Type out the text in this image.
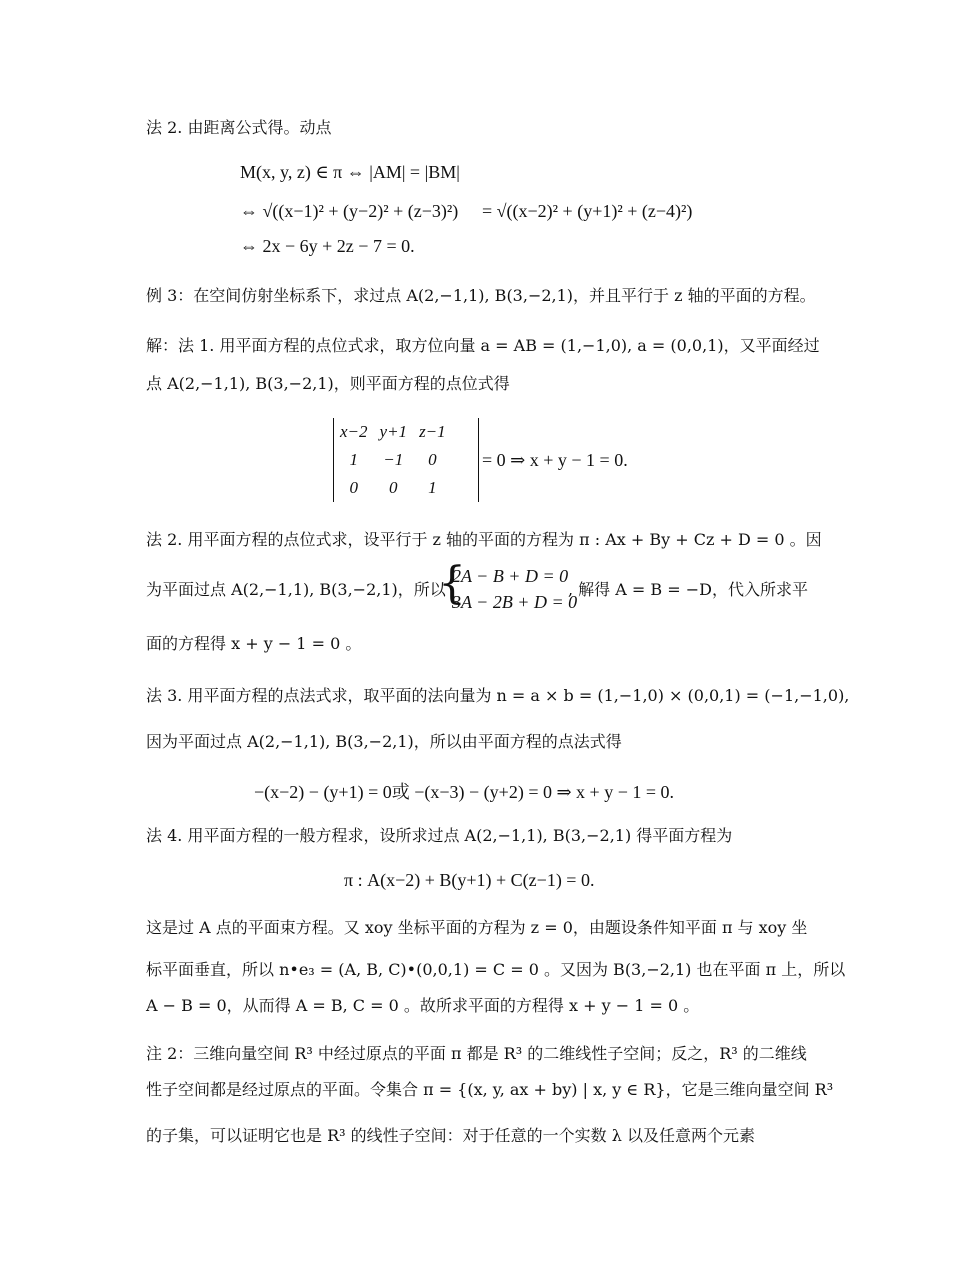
法 2. 由距离公式得。动点
M(x, y, z) ∈ π ⇔ |AM| = |BM|
⇔ √((x−1)² + (y−2)² + (z−3)²) = √((x−2)² + (y+1)² + (z−4)²)
⇔ 2x − 6y + 2z − 7 = 0.
例 3：在空间仿射坐标系下，求过点 A(2,−1,1), B(3,−2,1)，并且平行于 z 轴的平面的方程。
解：法 1. 用平面方程的点位式求，取方位向量 a = AB = (1,−1,0), a = (0,0,1)，又平面经过
点 A(2,−1,1), B(3,−2,1)，则平面方程的点位式得
x−2	y+1	z−1
1	−1	0
0	0	1
= 0 ⇒ x + y − 1 = 0.
法 2. 用平面方程的点位式求，设平行于 z 轴的平面的方程为 π : Ax + By + Cz + D = 0 。因
为平面过点 A(2,−1,1), B(3,−2,1)，所以
{
2A − B + D = 0
3A − 2B + D = 0
, 解得 A = B = −D，代入所求平
面的方程得 x + y − 1 = 0 。
法 3. 用平面方程的点法式求，取平面的法向量为 n = a × b = (1,−1,0) × (0,0,1) = (−1,−1,0),
因为平面过点 A(2,−1,1), B(3,−2,1)，所以由平面方程的点法式得
−(x−2) − (y+1) = 0或 −(x−3) − (y+2) = 0 ⇒ x + y − 1 = 0.
法 4. 用平面方程的一般方程求，设所求过点 A(2,−1,1), B(3,−2,1) 得平面方程为
π : A(x−2) + B(y+1) + C(z−1) = 0.
这是过 A 点的平面束方程。又 xoy 坐标平面的方程为 z = 0，由题设条件知平面 π 与 xoy 坐
标平面垂直，所以 n•e₃ = (A, B, C)•(0,0,1) = C = 0 。又因为 B(3,−2,1) 也在平面 π 上，所以
A − B = 0，从而得 A = B, C = 0 。故所求平面的方程得 x + y − 1 = 0 。
注 2：三维向量空间 R³ 中经过原点的平面 π 都是 R³ 的二维线性子空间；反之，R³ 的二维线
性子空间都是经过原点的平面。令集合 π = {(x, y, ax + by) | x, y ∈ R}，它是三维向量空间 R³
的子集，可以证明它也是 R³ 的线性子空间：对于任意的一个实数 λ 以及任意两个元素
